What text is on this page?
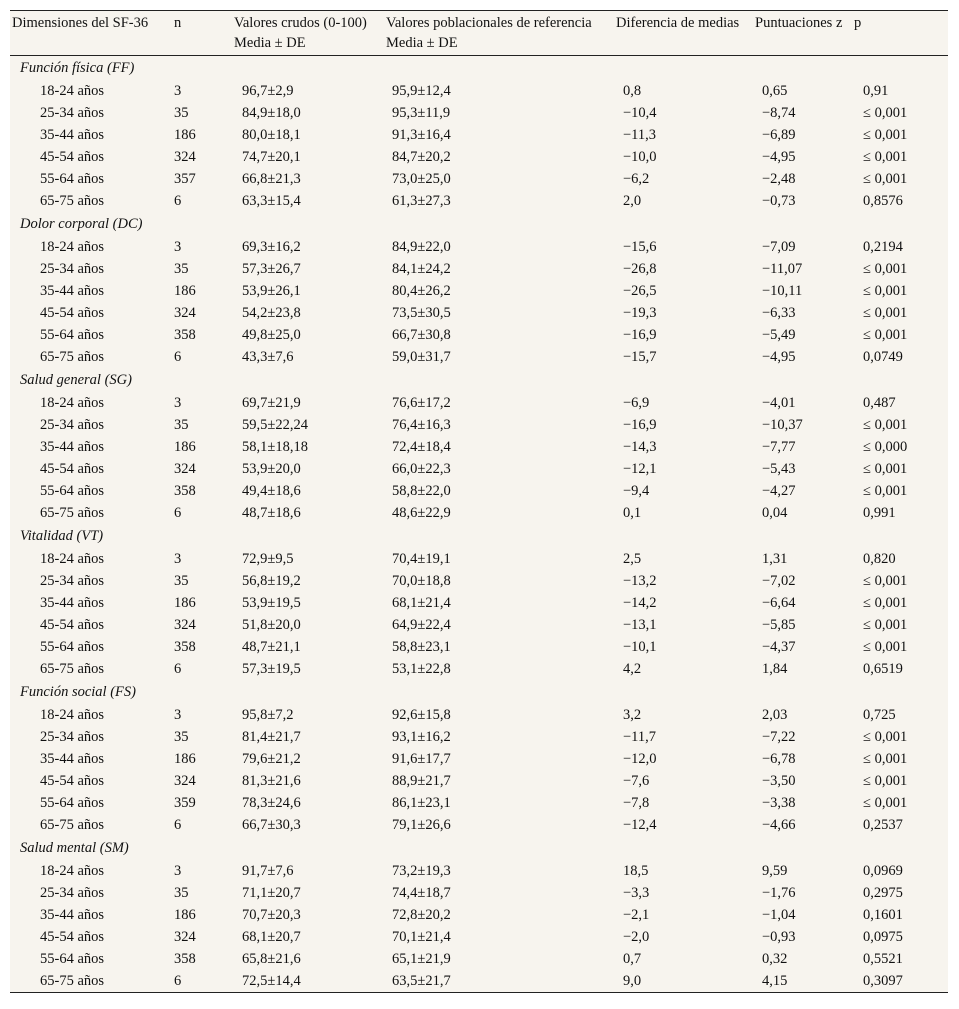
Dimensiones del SF-36	n	Valores crudos (0-100)	Valores poblacionales de referencia	Diferencia de medias	Puntuaciones z	p
		Media ± DE	Media ± DE			
Función física (FF)						
18-24 años	3	96,7±2,9	95,9±12,4	0,8	0,65	0,91
25-34 años	35	84,9±18,0	95,3±11,9	−10,4	−8,74	≤ 0,001
35-44 años	186	80,0±18,1	91,3±16,4	−11,3	−6,89	≤ 0,001
45-54 años	324	74,7±20,1	84,7±20,2	−10,0	−4,95	≤ 0,001
55-64 años	357	66,8±21,3	73,0±25,0	−6,2	−2,48	≤ 0,001
65-75 años	6	63,3±15,4	61,3±27,3	2,0	−0,73	0,8576
Dolor corporal (DC)						
18-24 años	3	69,3±16,2	84,9±22,0	−15,6	−7,09	0,2194
25-34 años	35	57,3±26,7	84,1±24,2	−26,8	−11,07	≤ 0,001
35-44 años	186	53,9±26,1	80,4±26,2	−26,5	−10,11	≤ 0,001
45-54 años	324	54,2±23,8	73,5±30,5	−19,3	−6,33	≤ 0,001
55-64 años	358	49,8±25,0	66,7±30,8	−16,9	−5,49	≤ 0,001
65-75 años	6	43,3±7,6	59,0±31,7	−15,7	−4,95	0,0749
Salud general (SG)						
18-24 años	3	69,7±21,9	76,6±17,2	−6,9	−4,01	0,487
25-34 años	35	59,5±22,24	76,4±16,3	−16,9	−10,37	≤ 0,001
35-44 años	186	58,1±18,18	72,4±18,4	−14,3	−7,77	≤ 0,000
45-54 años	324	53,9±20,0	66,0±22,3	−12,1	−5,43	≤ 0,001
55-64 años	358	49,4±18,6	58,8±22,0	−9,4	−4,27	≤ 0,001
65-75 años	6	48,7±18,6	48,6±22,9	0,1	0,04	0,991
Vitalidad (VT)						
18-24 años	3	72,9±9,5	70,4±19,1	2,5	1,31	0,820
25-34 años	35	56,8±19,2	70,0±18,8	−13,2	−7,02	≤ 0,001
35-44 años	186	53,9±19,5	68,1±21,4	−14,2	−6,64	≤ 0,001
45-54 años	324	51,8±20,0	64,9±22,4	−13,1	−5,85	≤ 0,001
55-64 años	358	48,7±21,1	58,8±23,1	−10,1	−4,37	≤ 0,001
65-75 años	6	57,3±19,5	53,1±22,8	4,2	1,84	0,6519
Función social (FS)						
18-24 años	3	95,8±7,2	92,6±15,8	3,2	2,03	0,725
25-34 años	35	81,4±21,7	93,1±16,2	−11,7	−7,22	≤ 0,001
35-44 años	186	79,6±21,2	91,6±17,7	−12,0	−6,78	≤ 0,001
45-54 años	324	81,3±21,6	88,9±21,7	−7,6	−3,50	≤ 0,001
55-64 años	359	78,3±24,6	86,1±23,1	−7,8	−3,38	≤ 0,001
65-75 años	6	66,7±30,3	79,1±26,6	−12,4	−4,66	0,2537
Salud mental (SM)						
18-24 años	3	91,7±7,6	73,2±19,3	18,5	9,59	0,0969
25-34 años	35	71,1±20,7	74,4±18,7	−3,3	−1,76	0,2975
35-44 años	186	70,7±20,3	72,8±20,2	−2,1	−1,04	0,1601
45-54 años	324	68,1±20,7	70,1±21,4	−2,0	−0,93	0,0975
55-64 años	358	65,8±21,6	65,1±21,9	0,7	0,32	0,5521
65-75 años	6	72,5±14,4	63,5±21,7	9,0	4,15	0,3097
